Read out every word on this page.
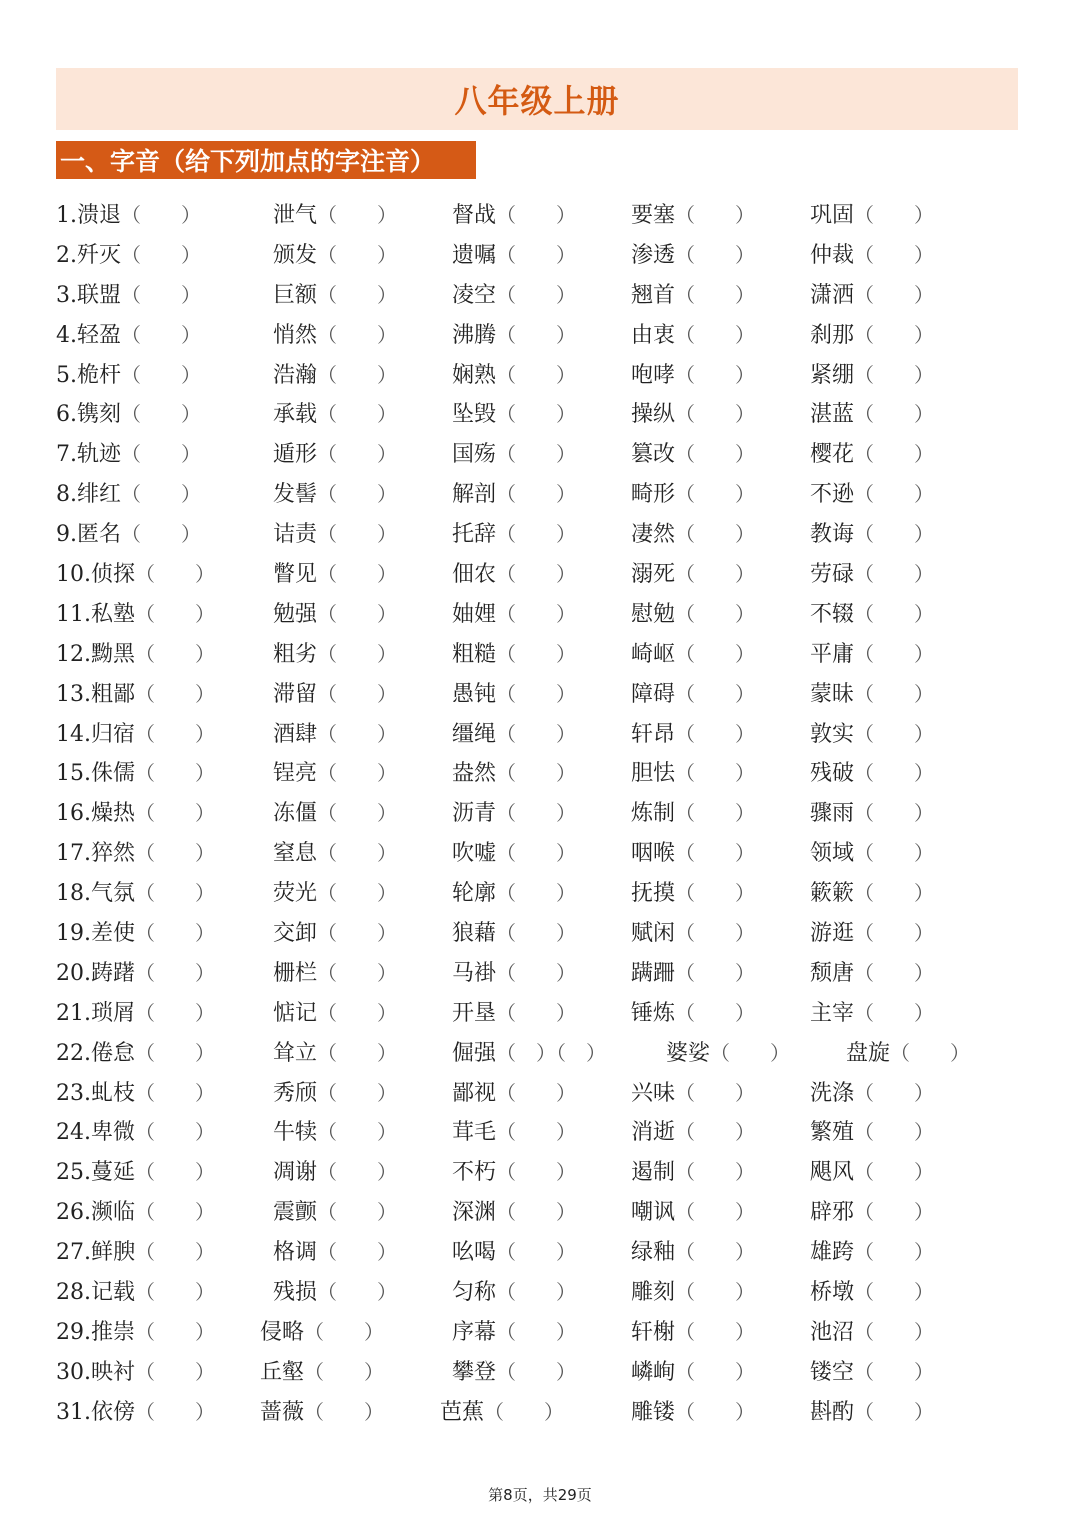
八年级上册
一、字音（给下列加点的字注音）
1.溃退（　　）	泄气（　　） 督战（　　） 要塞（　　） 巩固（　　）
2.歼灭（　　）	颁发（　　） 遗嘱（　　） 渗透（　　） 仲裁（　　）
3.联盟（　　）	巨额（　　） 凌空（　　） 翘首（　　） 潇洒（　　）
4.轻盈（　　）	悄然（　　） 沸腾（　　） 由衷（　　） 刹那（　　）
5.桅杆（　　）	浩瀚（　　） 娴熟（　　） 咆哮（　　） 紧绷（　　）
6.镌刻（　　）	承载（　　） 坠毁（　　） 操纵（　　） 湛蓝（　　）
7.轨迹（　　）	遁形（　　） 国殇（　　） 篡改（　　） 樱花（　　）
8.绯红（　　）	发髻（　　） 解剖（　　） 畸形（　　） 不逊（　　）
9.匿名（　　）	诘责（　　） 托辞（　　） 凄然（　　） 教诲（　　）
10.侦探（　　）	瞥见（　　） 佃农（　　） 溺死（　　） 劳碌（　　）
11.私塾（　　）	勉强（　　） 妯娌（　　） 慰勉（　　） 不辍（　　）
12.黝黑（　　）	粗劣（　　） 粗糙（　　） 崎岖（　　） 平庸（　　）
13.粗鄙（　　）	滞留（　　） 愚钝（　　） 障碍（　　） 蒙昧（　　）
14.归宿（　　）	酒肆（　　） 缰绳（　　） 轩昂（　　） 敦实（　　）
15.侏儒（　　）	锃亮（　　） 盎然（　　） 胆怯（　　） 残破（　　）
16.燥热（　　）	冻僵（　　） 沥青（　　） 炼制（　　） 骤雨（　　）
17.猝然（　　）	窒息（　　） 吹嘘（　　） 咽喉（　　） 领域（　　）
18.气氛（　　）	荧光（　　） 轮廓（　　） 抚摸（　　） 簌簌（　　）
19.差使（　　）	交卸（　　） 狼藉（　　） 赋闲（　　） 游逛（　　）
20.踌躇（　　）	栅栏（　　） 马褂（　　） 蹒跚（　　） 颓唐（　　）
21.琐屑（　　）	惦记（　　） 开垦（　　） 锤炼（　　） 主宰（　　）
22.倦怠（　　）	耸立（　　） 倔强（　）（　）	婆娑（　　）	盘旋（　　）
23.虬枝（　　）	秀颀（　　） 鄙视（　　） 兴味（　　） 洗涤（　　）
24.卑微（　　）	牛犊（　　） 茸毛（　　） 消逝（　　） 繁殖（　　）
25.蔓延（　　）	凋谢（　　） 不朽（　　） 遏制（　　） 飓风（　　）
26.濒临（　　）	震颤（　　） 深渊（　　） 嘲讽（　　） 辟邪（　　）
27.鲜腴（　　）	格调（　　） 吆喝（　　） 绿釉（　　） 雄跨（　　）
28.记载（　　）	残损（　　） 匀称（　　） 雕刻（　　） 桥墩（　　）
29.推崇（　　） 侵略（　　）	序幕（　　） 轩榭（　　） 池沼（　　）
30.映衬（　　） 丘壑（　　）	攀登（　　） 嶙峋（　　） 镂空（　　）
31.依傍（　　） 蔷薇（　　）	芭蕉（　　）	雕镂（　　） 斟酌（　　）
第8页，共29页
